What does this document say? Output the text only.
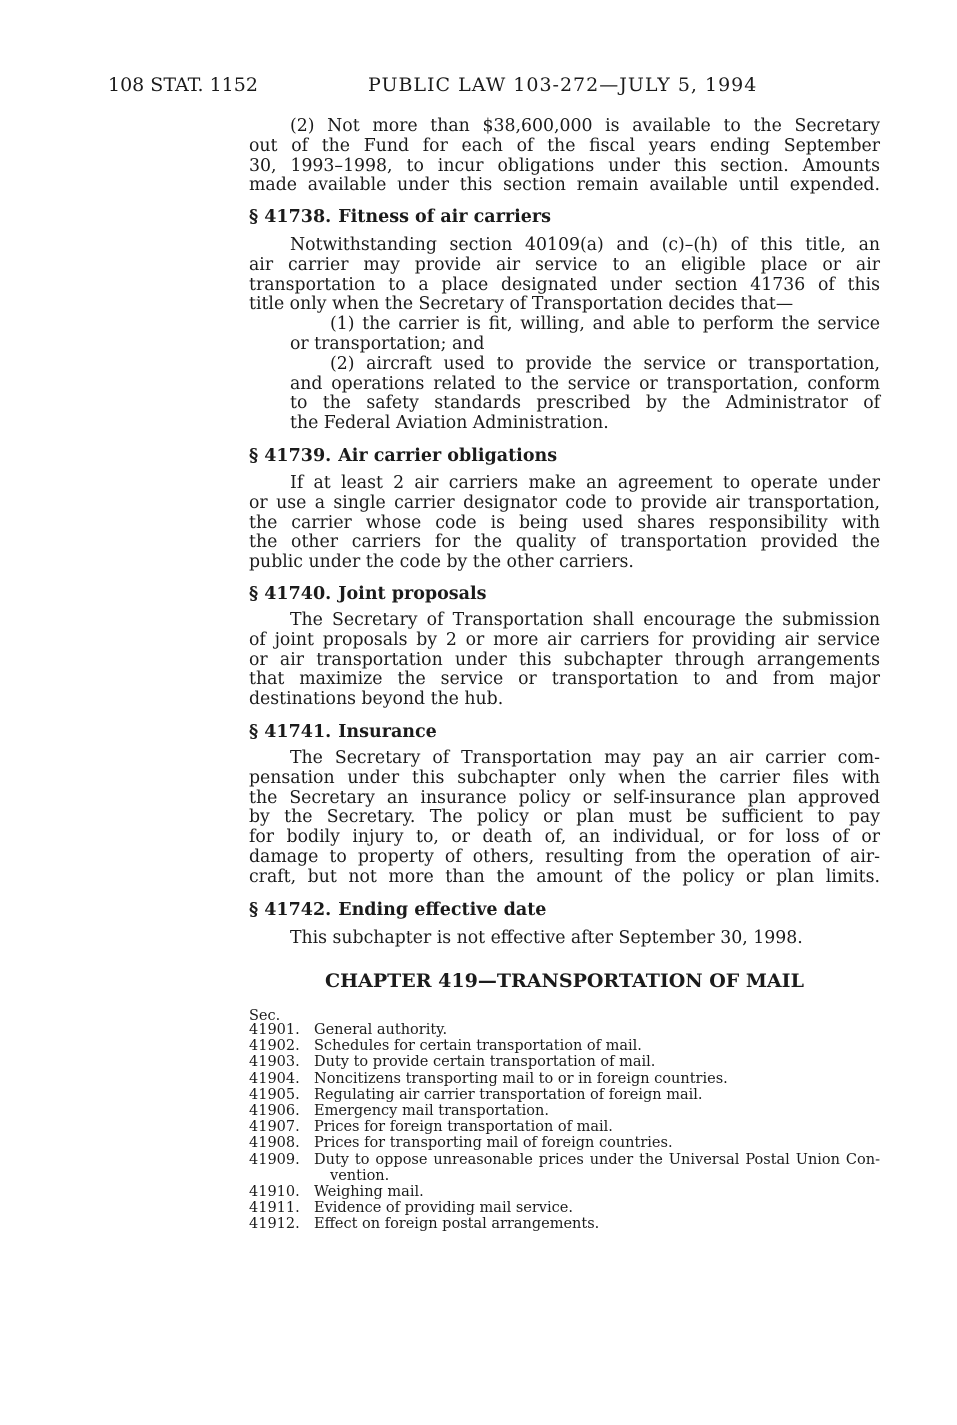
108 STAT. 1152	PUBLIC LAW 103-272—JULY 5, 1994
(2) Not more than $38,600,000 is available to the Secretary
out of the Fund for each of the fiscal years ending September
30, 1993–1998, to incur obligations under this section. Amounts
made available under this section remain available until expended.
§ 41738. Fitness of air carriers
Notwithstanding section 40109(a) and (c)–(h) of this title, an
air carrier may provide air service to an eligible place or air
transportation to a place designated under section 41736 of this
title only when the Secretary of Transportation decides that—
(1) the carrier is fit, willing, and able to perform the service
or transportation; and
(2) aircraft used to provide the service or transportation,
and operations related to the service or transportation, conform
to the safety standards prescribed by the Administrator of
the Federal Aviation Administration.
§ 41739. Air carrier obligations
If at least 2 air carriers make an agreement to operate under
or use a single carrier designator code to provide air transportation,
the carrier whose code is being used shares responsibility with
the other carriers for the quality of transportation provided the
public under the code by the other carriers.
§ 41740. Joint proposals
The Secretary of Transportation shall encourage the submission
of joint proposals by 2 or more air carriers for providing air service
or air transportation under this subchapter through arrangements
that maximize the service or transportation to and from major
destinations beyond the hub.
§ 41741. Insurance
The Secretary of Transportation may pay an air carrier com-
pensation under this subchapter only when the carrier files with
the Secretary an insurance policy or self-insurance plan approved
by the Secretary. The policy or plan must be sufficient to pay
for bodily injury to, or death of, an individual, or for loss of or
damage to property of others, resulting from the operation of air-
craft, but not more than the amount of the policy or plan limits.
§ 41742. Ending effective date
This subchapter is not effective after September 30, 1998.
CHAPTER 419—TRANSPORTATION OF MAIL
Sec.
41901. General authority.
41902. Schedules for certain transportation of mail.
41903. Duty to provide certain transportation of mail.
41904. Noncitizens transporting mail to or in foreign countries.
41905. Regulating air carrier transportation of foreign mail.
41906. Emergency mail transportation.
41907. Prices for foreign transportation of mail.
41908. Prices for transporting mail of foreign countries.
41909. Duty to oppose unreasonable prices under the Universal Postal Union Con-
vention.
41910. Weighing mail.
41911. Evidence of providing mail service.
41912. Effect on foreign postal arrangements.
